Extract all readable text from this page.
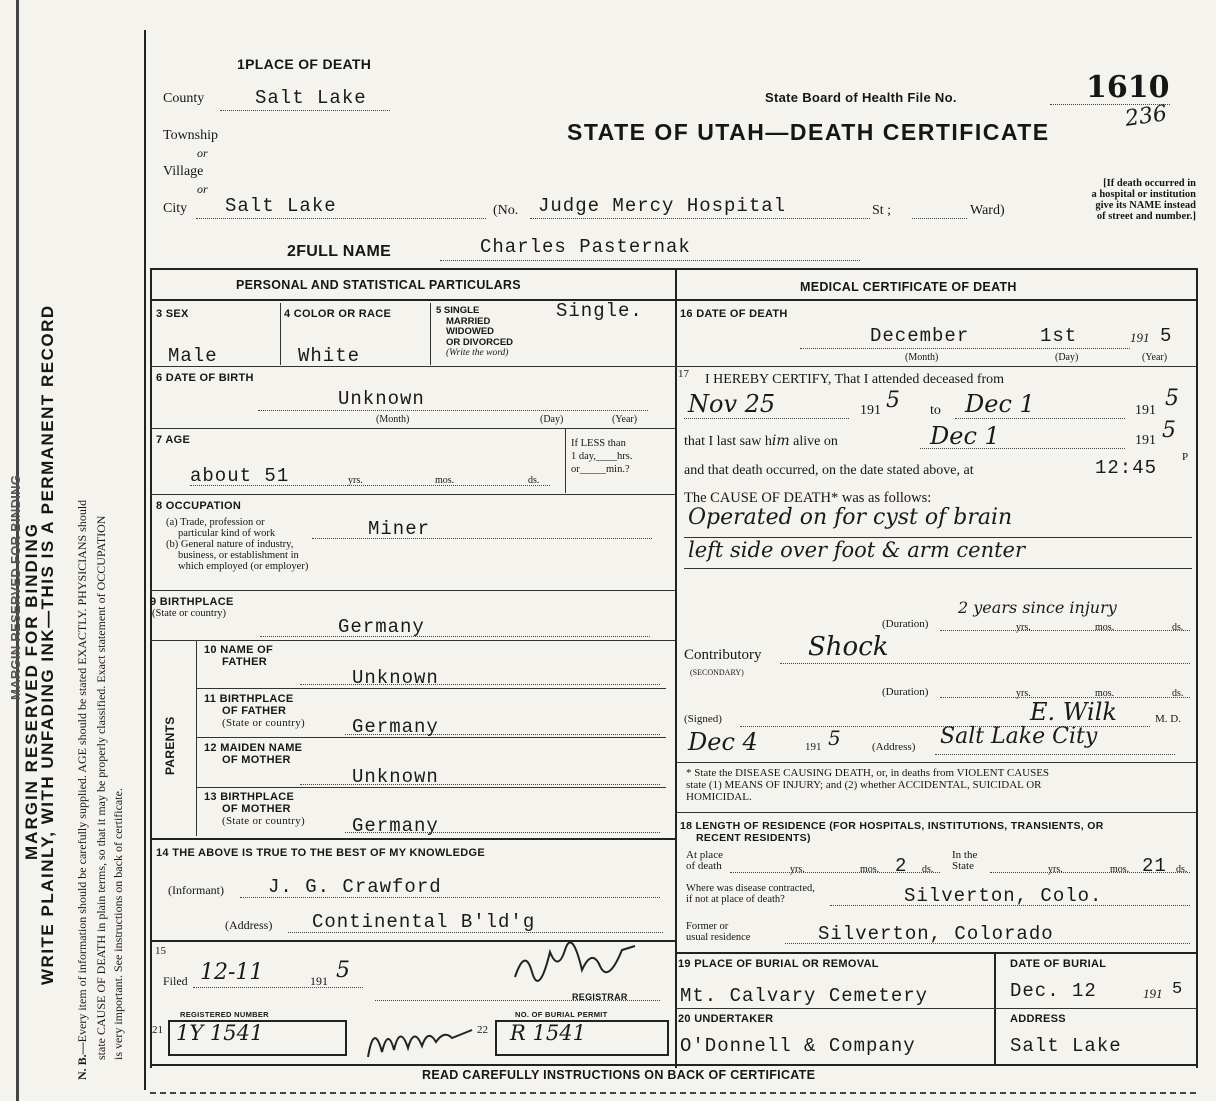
MARGIN RESERVED FOR BINDING MARGIN RESERVED FOR BINDING
WRITE PLAINLY, WITH UNFADING INK—THIS IS A PERMANENT RECORD
N. B.—Every item of information should be carefully supplied. AGE should be stated EXACTLY. PHYSICIANS should state CAUSE OF DEATH in plain terms, so that it may be properly classified. Exact statement of OCCUPATION is very important. See instructions on back of certificate.
1PLACE OF DEATH
County	Salt Lake
Township
or
Village
or
City Salt Lake	(No. Judge Mercy Hospital	St ;	Ward)
State Board of Health File No.	1610
236
STATE OF UTAH—DEATH CERTIFICATE
[If death occurred in
a hospital or institution
give its NAME instead
of street and number.]
2FULL NAME	Charles Pasternak
PERSONAL AND STATISTICAL PARTICULARS
3 SEX
Male
4 COLOR OR RACE
White
5 SINGLE
MARRIED
WIDOWED
OR DIVORCED
(Write the word)
Single.
6 DATE OF BIRTH
Unknown
(Month)	(Day)	(Year)
7 AGE
about 51	yrs.	mos.	ds.
If LESS than
1 day,____hrs.
or_____min.?
8 OCCUPATION
(a) Trade, profession or
particular kind of work
(b) General nature of industry,
business, or establishment in
which employed (or employer)
Miner
9 BIRTHPLACE
(State or country)
Germany
PARENTS
10 NAME OF
FATHER
Unknown
11 BIRTHPLACE
OF FATHER
(State or country) Germany
12 MAIDEN NAME
OF MOTHER
Unknown
13 BIRTHPLACE
OF MOTHER
(State or country) Germany
14 THE ABOVE IS TRUE TO THE BEST OF MY KNOWLEDGE
(Informant) J. G. Crawford
(Address) Continental B'ld'g
15
Filed 12-11	191 5
REGISTRAR
REGISTERED NUMBER
21 1Y 1541	22
NO. OF BURIAL PERMIT
R 1541
MEDICAL CERTIFICATE OF DEATH
16 DATE OF DEATH
December	1st	191 5
(Month)	(Day)	(Year)
17 I HEREBY CERTIFY, That I attended deceased from
Nov 25	191 5 to Dec 1	191 5
that I last saw him alive on	Dec 1	191 5
and that death occurred, on the date stated above, at	12:45 P
The CAUSE OF DEATH* was as follows:
Operated on for cyst of brain
left side over foot & arm center
(Duration)
2 years since injury
yrs.	mos.	ds.
Contributory
(SECONDARY)
Shock
(Duration)	yrs.	mos.	ds.
(Signed)	E. Wilk	M. D.
Dec 4	191 5	(Address) Salt Lake City
* State the DISEASE CAUSING DEATH, or, in deaths from VIOLENT CAUSES
state (1) MEANS OF INJURY; and (2) whether ACCIDENTAL, SUICIDAL OR
HOMICIDAL.
18 LENGTH OF RESIDENCE (FOR HOSPITALS, INSTITUTIONS, TRANSIENTS, OR
RECENT RESIDENTS)
At place
of death	yrs.	mos. 2 ds.
In the
State	yrs.	mos. 21 ds.
Where was disease contracted,
if not at place of death?	Silverton, Colo.
Former or
usual residence	Silverton, Colorado
19 PLACE OF BURIAL OR REMOVAL
Mt. Calvary Cemetery
DATE OF BURIAL
Dec. 12	191 5
20 UNDERTAKER
O'Donnell & Company
ADDRESS
Salt Lake
READ CAREFULLY INSTRUCTIONS ON BACK OF CERTIFICATE
